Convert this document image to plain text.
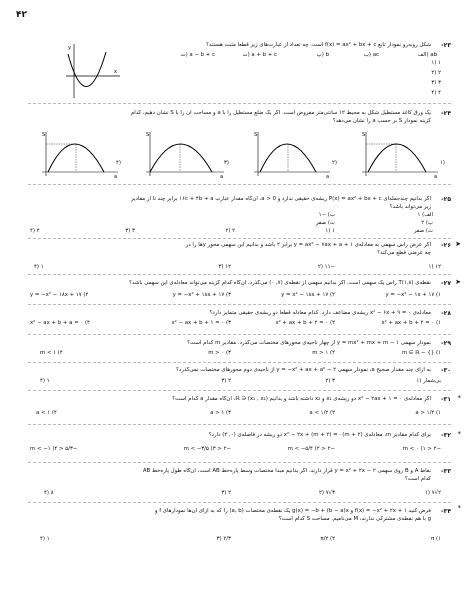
۴۲
۲۳-
شکل روبه‌رو نمودار تابع f(x) = ax² + bx + c است. چه تعداد از عبارت‌های زیر قطعاً مثبت هستند؟
ab (الف
ac (ب
b (پ
a + b + c (ت
a − b + c (ث
x
y
۱ (۱
۲ (۲
۳ (۳
۴ (۴
۲۴-
یک ورق کاغذ مستطیل شکل به محیط ۱۲ سانتی‌متر مفروض است. اگر یک ضلع مستطیل را با a و مساحت آن را با S نشان دهیم، کدام
گزینه نمودار S بر حسب a را نشان می‌دهد؟
S
a
S
a
S
a
S
a
(۱
(۲
(۳
(۴
۲۵-
اگر بدانیم چندجمله‌ای P(x) = ax² + bx + c ریشه‌ی حقیقی ندارد و a > 0، آن‌گاه مقدار عبارت ۱۶c + ۴b + a برابر چند تا از مقادیر
زیر می‌تواند باشد؟
الف) ۱
ب) −۱
پ) ۲
ت) صفر
ث) صفر
۱ (۱
۲ (۲
۳ (۳
۴ (۴
➤
۲۶-
اگر عرض رأس سهمی به معادله‌ی y = ax² − ۷ax + a + ۱ برابر ۲ باشد و بدانیم این سهمی محور yها را در
چه عرضی قطع می‌کند؟
۱۲ (۱
−۱۱ (۲
۱۲ (۳
۱ (۴
➤
۲۷-
نقطه‌ی T(۱,۸) رأس یک سهمی است. اگر بدانیم سهمی از نقطه‌ی (۷, ۰) می‌گذرد، آن‌گاه کدام گزینه می‌تواند معادله‌ی این سهمی باشد؟
y = −x² − ۱x + ۱۷ (۱
y = x² − ۱۸x + ۱۷ (۲
y = −x² + ۱۸x + ۱۷ (۳
y = −x² − ۱۸x + ۱۷ (۴
۲۸-
معادله‌ی x² − ۶x + ۹ = ۰ ریشه‌ی مضاعف دارد. کدام معادله قطعاً دو ریشه‌ی حقیقی متمایز دارد؟
x² + ax + b + ۲ = ۰ (۱
x² + ax + b + ۲ = ۰ (۲
x² − ax + b + ۱ = ۰ (۳
x² − ax + b + a = ۰ (۴
۲۹-
نمودار سهمی y = mx² + mx + m − ۱ از چهار ناحیه‌ی محورهای مختصات می‌گذرد. مقادیر m کدام است؟
m ∈ ℝ − {} (۱
m > ۱ (۲
m > ۰ (۳
m < ۱ (۴
۳۰-
به ازای چند مقدار صحیح a، نمودار سهمی y = −x² + ax + a² − ۲ از ناحیه‌ی دوم محورهای مختصات نمی‌گذرد؟
بی‌شمار (۱
۳ (۲
۲ (۳
۱ (۴
*
۳۱-
اگر معادله‌ی x² − ۲ax + ۱ = ۰ دو ریشه‌ی x₁ و x₂ داشته باشد و بدانیم (x₁ , x₂) ∈ ℝ، آن‌گاه مقدار a کدام است؟
a > ۱/۲ (۱
a < ۱/۲ (۲
a > ۱ (۳
a < ۱ (۴
*
۳۲-
برای کدام مقادیر m، معادله‌ی (m + ۲)x² − ۲x + (m + ۲) = ۰ دو ریشه در فاصله‌ی (۰, ۲) دارد؟
−۲ < m < ۰ (۱
−۲ < m < −۵/۴ (۲
−۲ < m < −۳/۵ (۳
−۵/۳ < m < −۱ (۴
۳۳-
نقاط A و B روی سهمی y = x² + ۲x − ۲ قرار دارند. اگر بدانیم مبدأ مختصات وسط پاره‌خط AB است، آن‌گاه طول پاره‌خط AB
کدام است؟
۲√۷ (۱
۳√۷ (۲
۲ (۳
۸ (۴
*
۳۴-
فرض کنید f(x) = −x² + ۲x + ۱ و g(x) = −b + (b − a)x یک نقطه‌ی مختصات (a, b) را که به ازای آن‌ها نمودارهای f و
g با هم نقطه‌ی مشترکی ندارند، M می‌نامیم. مساحت S کدام است؟
π (۱
π/۲ (۲
۲/۳ (۳
۱ (۴
